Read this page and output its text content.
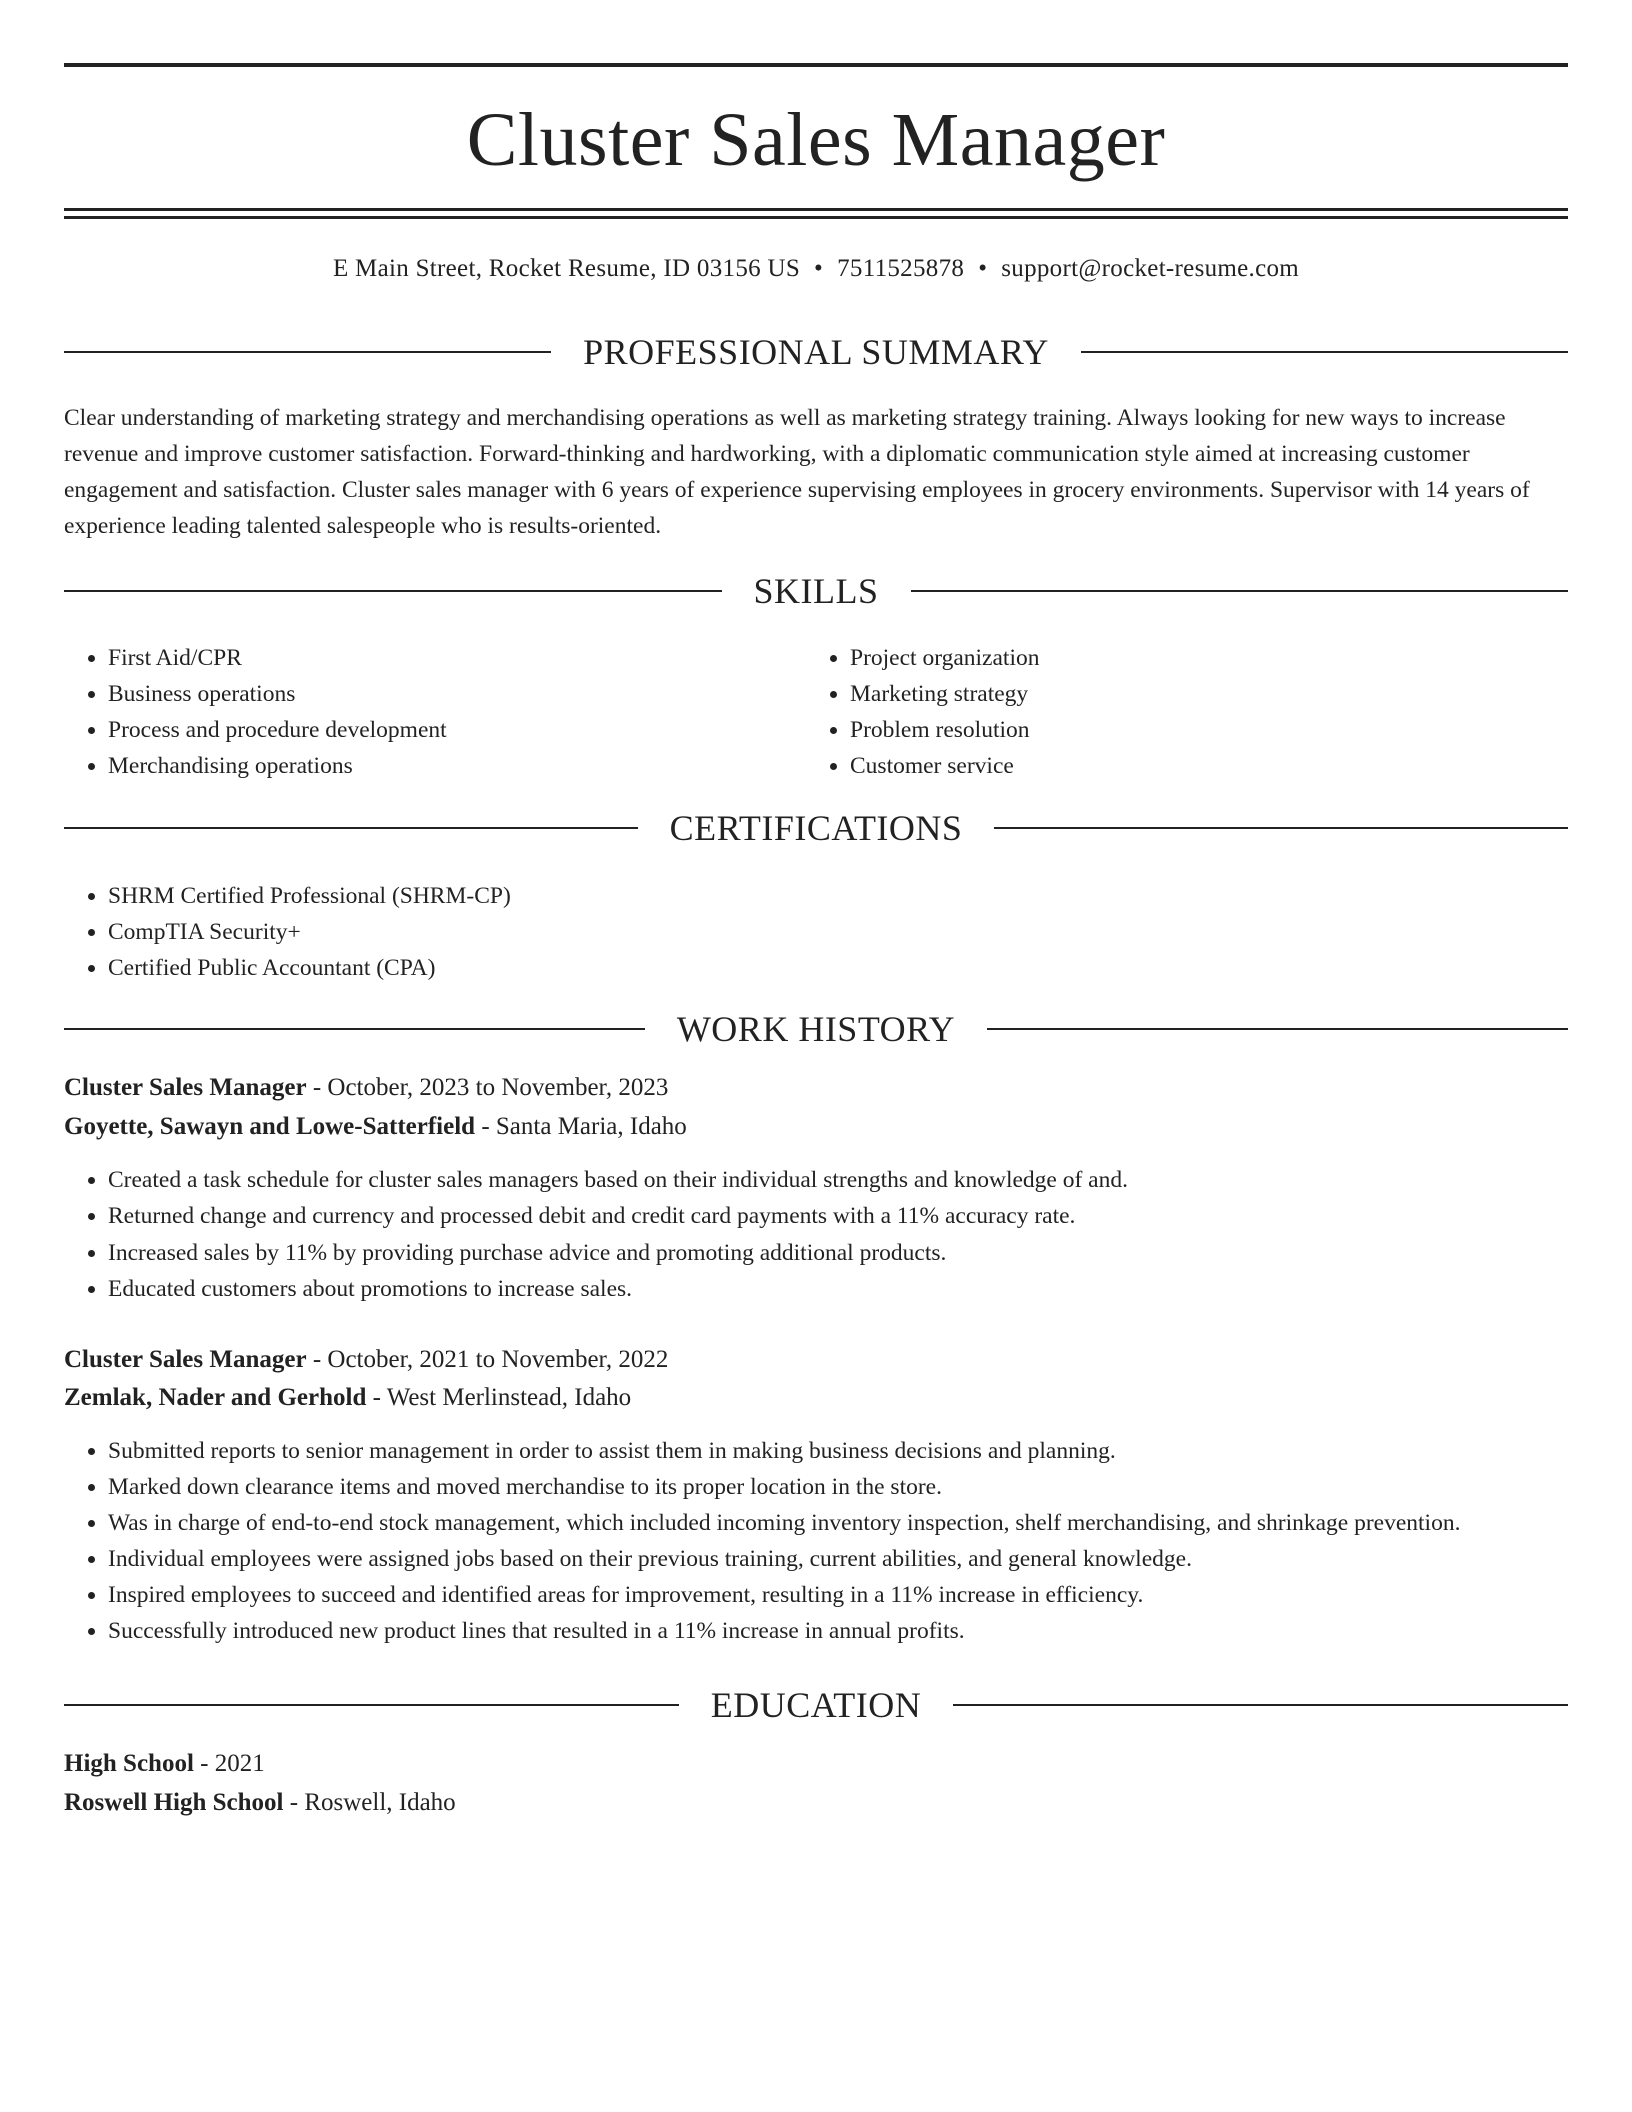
Cluster Sales Manager
E Main Street, Rocket Resume, ID 03156 US • 7511525878 • support@rocket-resume.com
PROFESSIONAL SUMMARY

Clear understanding of marketing strategy and merchandising operations as well as marketing strategy training. Always looking for new ways to increase revenue and improve customer satisfaction. Forward-thinking and hardworking, with a diplomatic communication style aimed at increasing customer engagement and satisfaction. Cluster sales manager with 6 years of experience supervising employees in grocery environments. Supervisor with 14 years of experience leading talented salespeople who is results-oriented.

SKILLS
• First Aid/CPR
• Business operations
• Process and procedure development
• Merchandising operations
• Project organization
• Marketing strategy
• Problem resolution
• Customer service
CERTIFICATIONS
• SHRM Certified Professional (SHRM-CP)
• CompTIA Security+
• Certified Public Accountant (CPA)
WORK HISTORY
Cluster Sales Manager - October, 2023 to November, 2023
Goyette, Sawayn and Lowe-Satterfield - Santa Maria, Idaho
• Created a task schedule for cluster sales managers based on their individual strengths and knowledge of and.
• Returned change and currency and processed debit and credit card payments with a 11% accuracy rate.
• Increased sales by 11% by providing purchase advice and promoting additional products.
• Educated customers about promotions to increase sales.
Cluster Sales Manager - October, 2021 to November, 2022
Zemlak, Nader and Gerhold - West Merlinstead, Idaho
• Submitted reports to senior management in order to assist them in making business decisions and planning.
• Marked down clearance items and moved merchandise to its proper location in the store.
• Was in charge of end-to-end stock management, which included incoming inventory inspection, shelf merchandising, and shrinkage prevention.
• Individual employees were assigned jobs based on their previous training, current abilities, and general knowledge.
• Inspired employees to succeed and identified areas for improvement, resulting in a 11% increase in efficiency.
• Successfully introduced new product lines that resulted in a 11% increase in annual profits.
EDUCATION
High School - 2021
Roswell High School - Roswell, Idaho
